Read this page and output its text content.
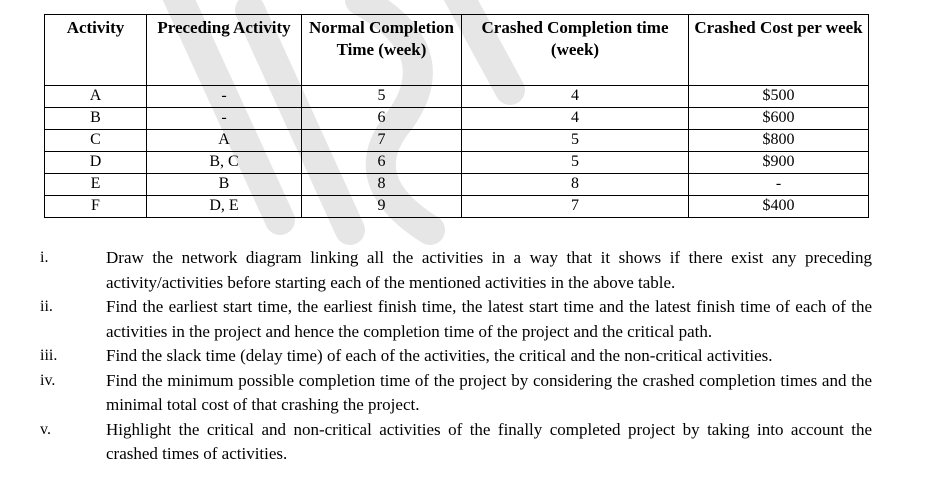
Activity	Preceding Activity	Normal Completion Time (week)	Crashed Completion time (week)	Crashed Cost per week
A	-	5	4	$500
B	-	6	4	$600
C	A	7	5	$800
D	B, C	6	5	$900
E	B	8	8	-
F	D, E	9	7	$400
i.	Draw the network diagram linking all the activities in a way that it shows if there exist any preceding activity/activities before starting each of the mentioned activities in the above table.
ii.	Find the earliest start time, the earliest finish time, the latest start time and the latest finish time of each of the activities in the project and hence the completion time of the project and the critical path.
iii.	Find the slack time (delay time) of each of the activities, the critical and the non-critical activities.
iv.	Find the minimum possible completion time of the project by considering the crashed completion times and the minimal total cost of that crashing the project.
v.	Highlight the critical and non-critical activities of the finally completed project by taking into account the crashed times of activities.
